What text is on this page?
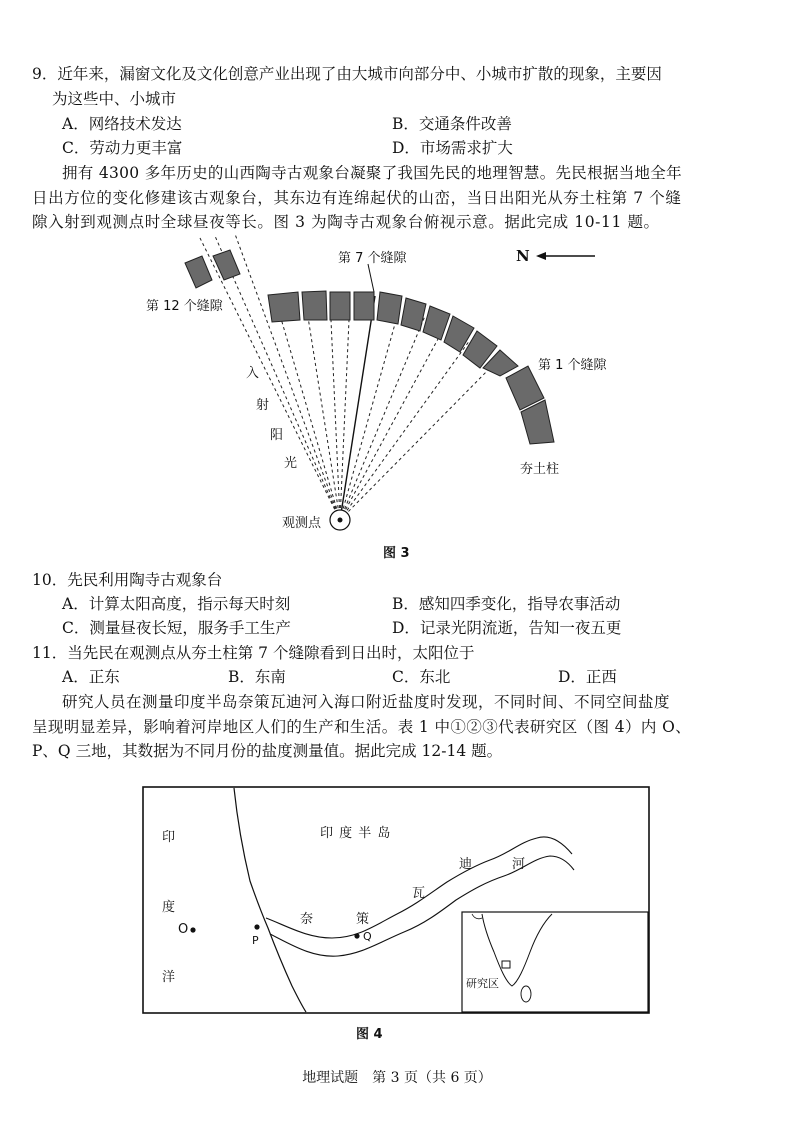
9．近年来，漏窗文化及文化创意产业出现了由大城市向部分中、小城市扩散的现象，主要因
为这些中、小城市
A．网络技术发达	B．交通条件改善
C．劳动力更丰富	D．市场需求扩大
拥有 4300 多年历史的山西陶寺古观象台凝聚了我国先民的地理智慧。先民根据当地全年
日出方位的变化修建该古观象台，其东边有连绵起伏的山峦，当日出阳光从夯土柱第 7 个缝
隙入射到观测点时全球昼夜等长。图 3 为陶寺古观象台俯视示意。据此完成 10-11 题。
第 7 个缝隙	N
第 12 个缝隙
第 1 个缝隙
夯土柱
入
射
阳
光
观测点
图 3
10．先民利用陶寺古观象台
A．计算太阳高度，指示每天时刻	B．感知四季变化，指导农事活动
C．测量昼夜长短，服务手工生产	D．记录光阴流逝，告知一夜五更
11．当先民在观测点从夯土柱第 7 个缝隙看到日出时，太阳位于
A．正东	B．东南	C．东北	D．正西
研究人员在测量印度半岛奈策瓦迪河入海口附近盐度时发现，不同时间、不同空间盐度
呈现明显差异，影响着河岸地区人们的生产和生活。表 1 中①②③代表研究区（图 4）内 O、
P、Q 三地，其数据为不同月份的盐度测量值。据此完成 12-14 题。
印
度
洋
印 度 半 岛
迪	河
瓦
奈	策
O
P	Q
研究区
图 4
地理试题　第 3 页（共 6 页）
